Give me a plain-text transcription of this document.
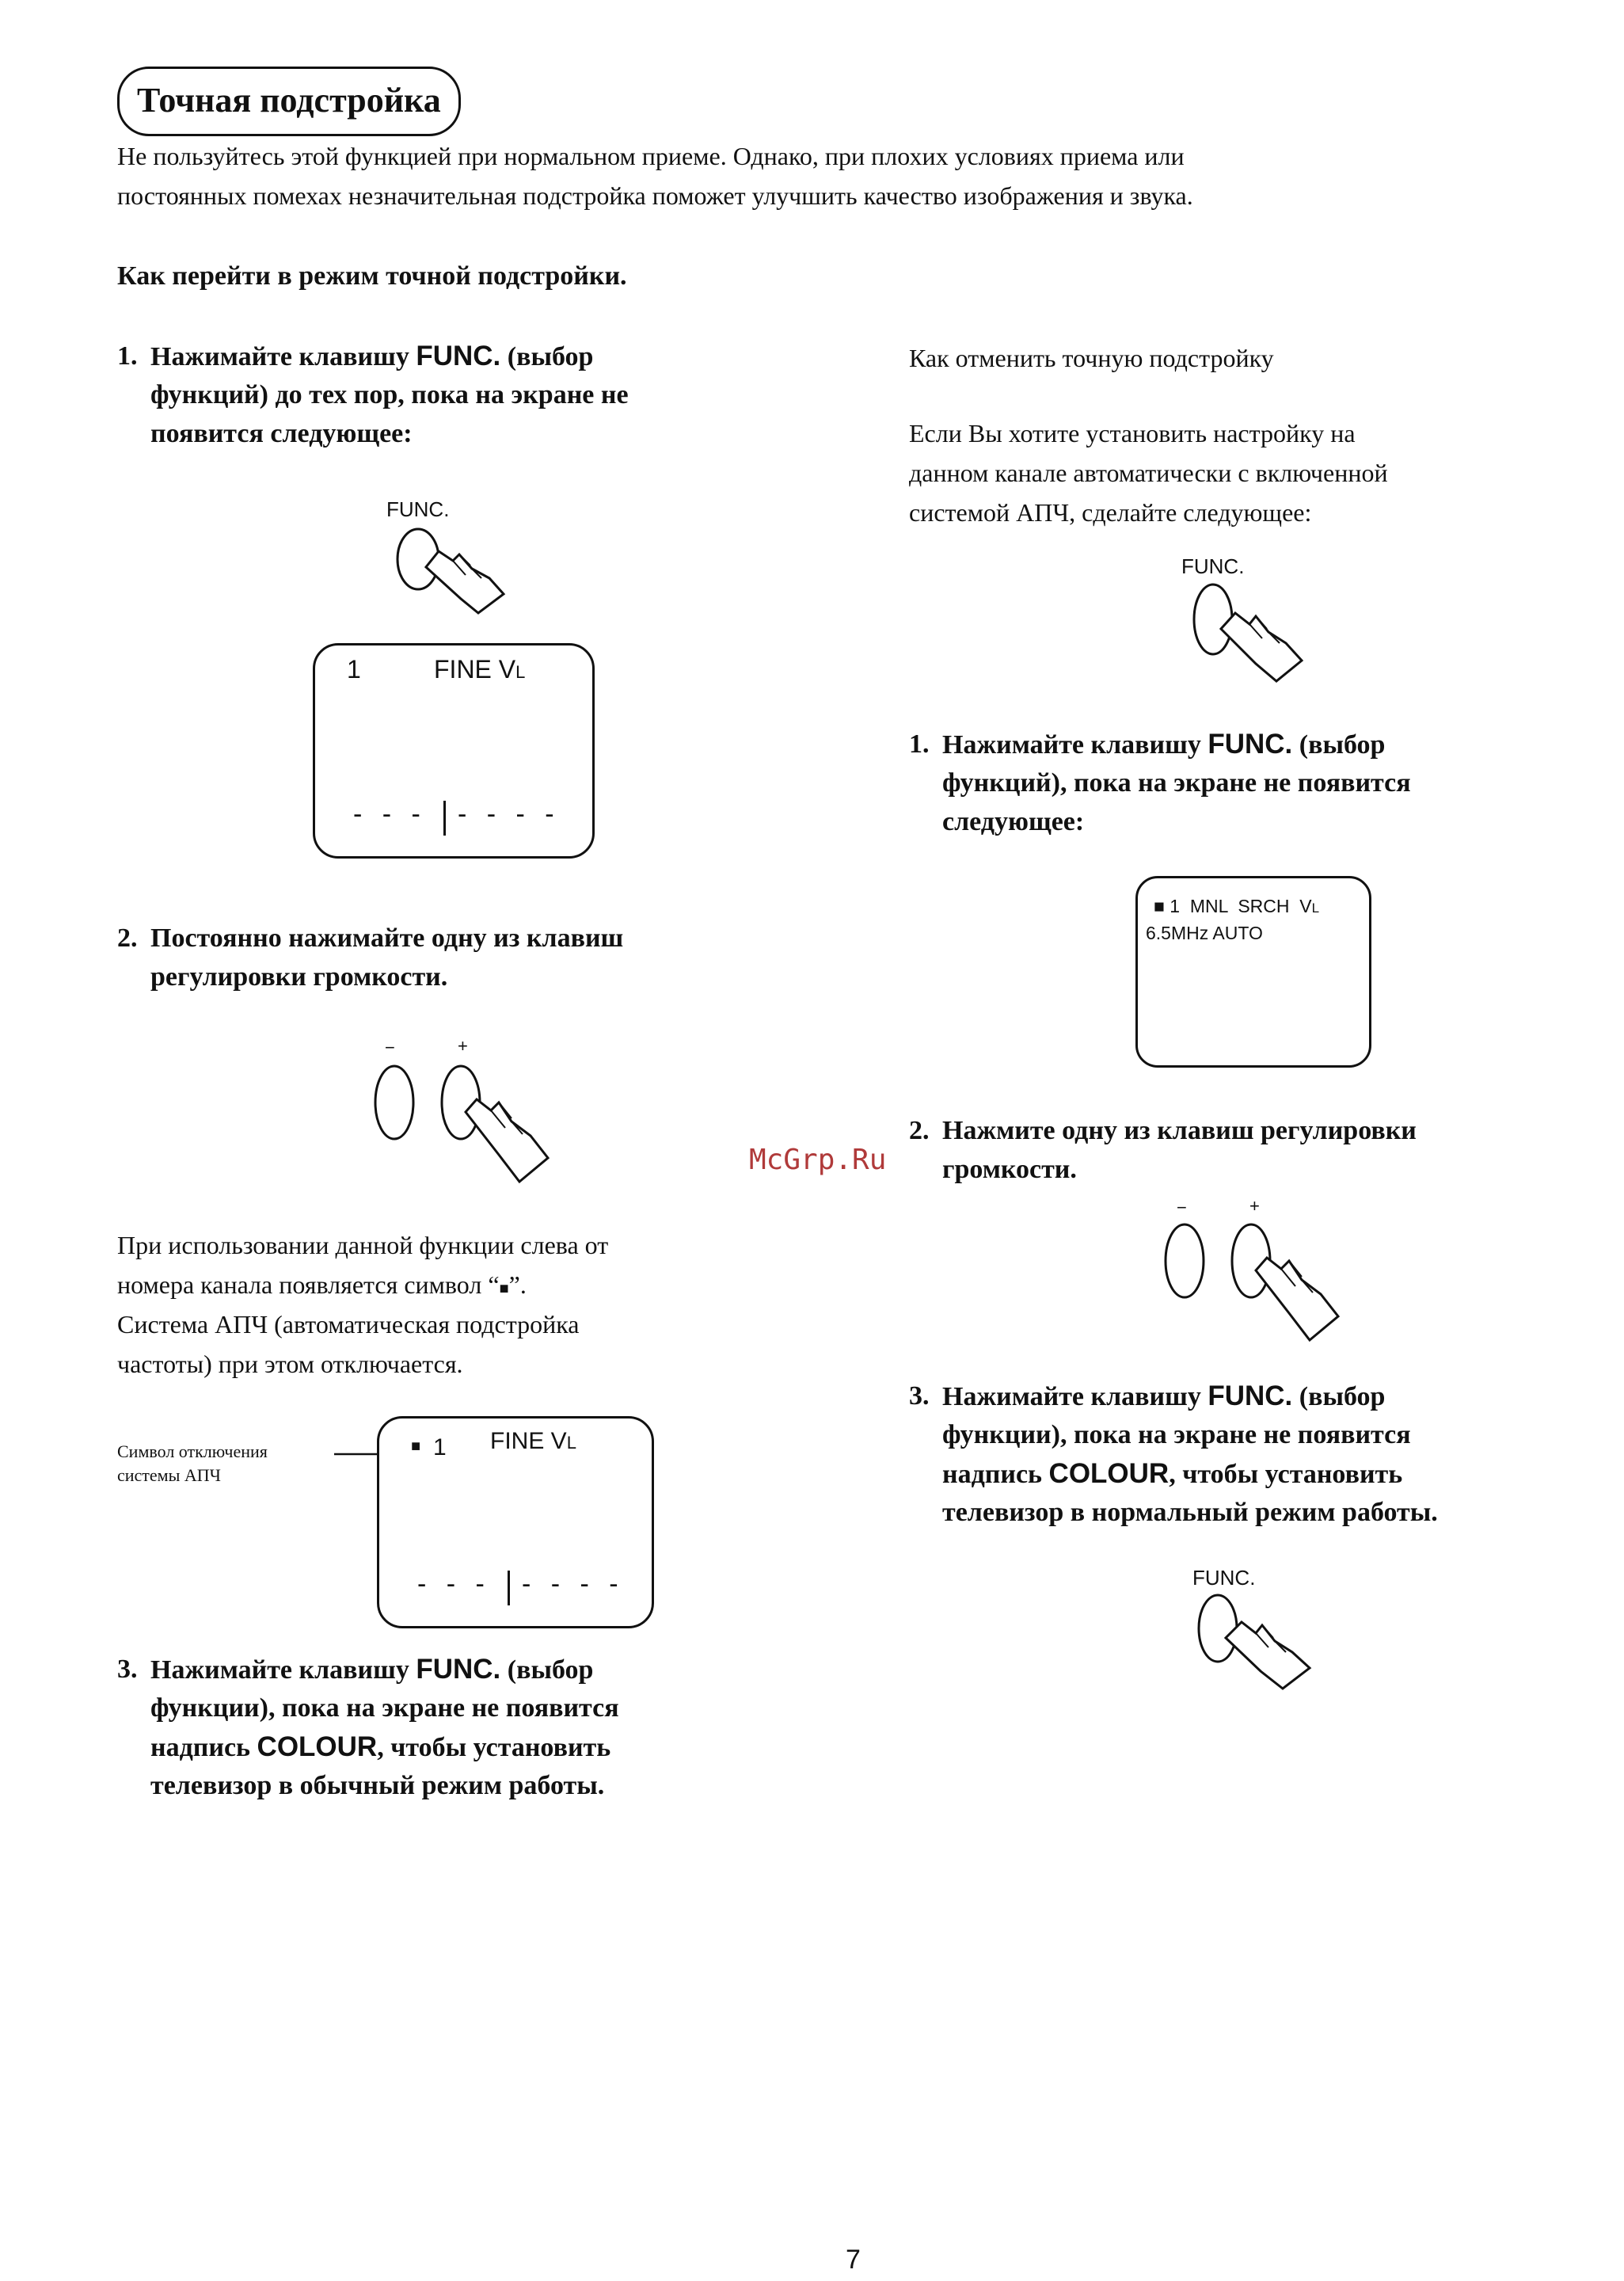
Точная подстройка
Не пользуйтесь этой функцией при нормальном приеме. Однако, при плохих условиях приема или
постоянных помехах незначительная подстройка поможет улучшить качество изображения и звука.
Как перейти в режим точной подстройки.
1. Нажимайте клавишу FUNC. (выбор
функций) до тех пор, пока на экране не
появится следующее:
FUNC.
1	FINE VL
- - - - - - -
2. Постоянно нажимайте одну из клавиш
регулировки громкости.
−	+
При использовании данной функции слева от
номера канала появляется символ “■”.
Система АПЧ (автоматическая подстройка
частоты) при этом отключается.
Символ отключения
системы АПЧ
■ 1 FINE VL
- - - - - - -
3. Нажимайте клавишу FUNC. (выбор
функции), пока на экране не появится
надпись COLOUR, чтобы установить
телевизор в обычный режим работы.
Как отменить точную подстройку
Если Вы хотите установить настройку на
данном канале автоматически с включенной
системой АПЧ, сделайте следующее:
FUNC.
1. Нажимайте клавишу FUNC. (выбор
функций), пока на экране не появится
следующее:
■ 1  MNL  SRCH  VL
6.5MHz AUTO
McGrp.Ru
2. Нажмите одну из клавиш регулировки
громкости.
−	+
3. Нажимайте клавишу FUNC. (выбор
функции), пока на экране не появится
надпись COLOUR, чтобы установить
телевизор в нормальный режим работы.
FUNC.
7
